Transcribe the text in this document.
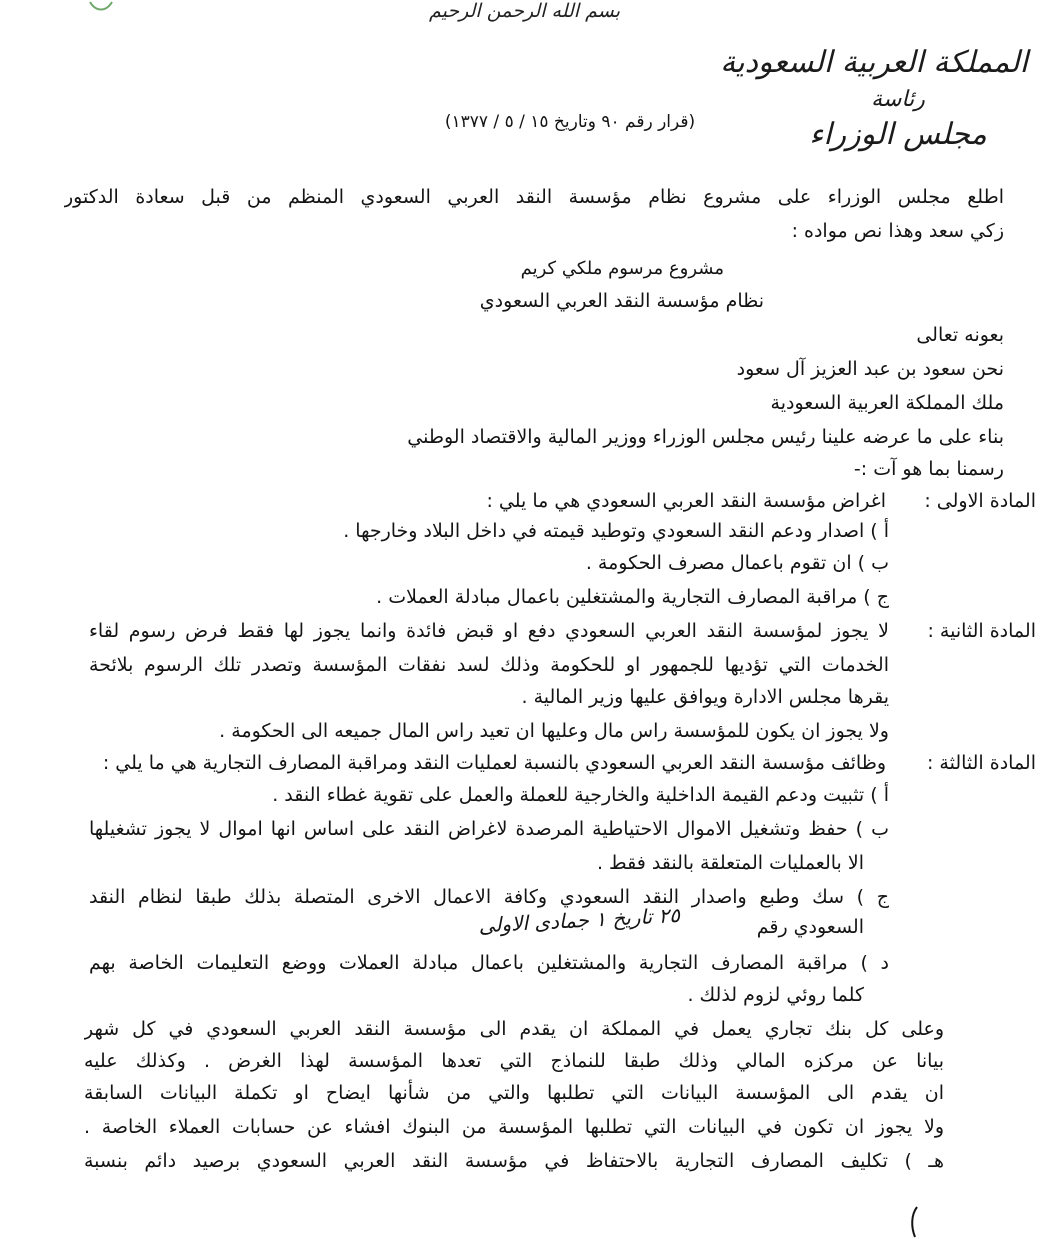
بسم الله الرحمن الرحيم
المملكة العربية السعودية
رئاسة
مجلس الوزراء
(قرار رقم ٩٠ وتاريخ ١٥ / ٥ / ١٣٧٧)
اطلع مجلس الوزراء على مشروع نظام مؤسسة النقد العربي السعودي المنظم من قبل سعادة الدكتور
زكي سعد وهذا نص مواده :
مشروع مرسوم ملكي كريم
نظام مؤسسة النقد العربي السعودي
بعونه تعالى
نحن سعود بن عبد العزيز آل سعود
ملك المملكة العربية السعودية
بناء على ما عرضه علينا رئيس مجلس الوزراء ووزير المالية والاقتصاد الوطني
رسمنا بما هو آت :-
المادة الاولى :
اغراض مؤسسة النقد العربي السعودي هي ما يلي :
أ ) اصدار ودعم النقد السعودي وتوطيد قيمته في داخل البلاد وخارجها .
ب ) ان تقوم باعمال مصرف الحكومة .
ج ) مراقبة المصارف التجارية والمشتغلين باعمال مبادلة العملات .
المادة الثانية :
لا يجوز لمؤسسة النقد العربي السعودي دفع او قبض فائدة وانما يجوز لها فقط فرض رسوم لقاء
الخدمات التي تؤديها للجمهور او للحكومة وذلك لسد نفقات المؤسسة وتصدر تلك الرسوم بلائحة
يقرها مجلس الادارة ويوافق عليها وزير المالية .
ولا يجوز ان يكون للمؤسسة راس مال وعليها ان تعيد راس المال جميعه الى الحكومة .
المادة الثالثة :
وظائف مؤسسة النقد العربي السعودي بالنسبة لعمليات النقد ومراقبة المصارف التجارية هي ما يلي :
أ ) تثبيت ودعم القيمة الداخلية والخارجية للعملة والعمل على تقوية غطاء النقد .
ب ) حفظ وتشغيل الاموال الاحتياطية المرصدة لاغراض النقد على اساس انها اموال لا يجوز تشغيلها
الا بالعمليات المتعلقة بالنقد فقط .
ج ) سك وطبع واصدار النقد السعودي وكافة الاعمال الاخرى المتصلة بذلك طبقا لنظام النقد
السعودي رقم
٢٥ تاريخ ١ جمادى الاولى
د ) مراقبة المصارف التجارية والمشتغلين باعمال مبادلة العملات ووضع التعليمات الخاصة بهم
كلما روئي لزوم لذلك .
وعلى كل بنك تجاري يعمل في المملكة ان يقدم الى مؤسسة النقد العربي السعودي في كل شهر
بيانا عن مركزه المالي وذلك طبقا للنماذج التي تعدها المؤسسة لهذا الغرض . وكذلك عليه
ان يقدم الى المؤسسة البيانات التي تطلبها والتي من شأنها ايضاح او تكملة البيانات السابقة
ولا يجوز ان تكون في البيانات التي تطلبها المؤسسة من البنوك افشاء عن حسابات العملاء الخاصة .
هـ ) تكليف المصارف التجارية بالاحتفاظ في مؤسسة النقد العربي السعودي برصيد دائم بنسبة
